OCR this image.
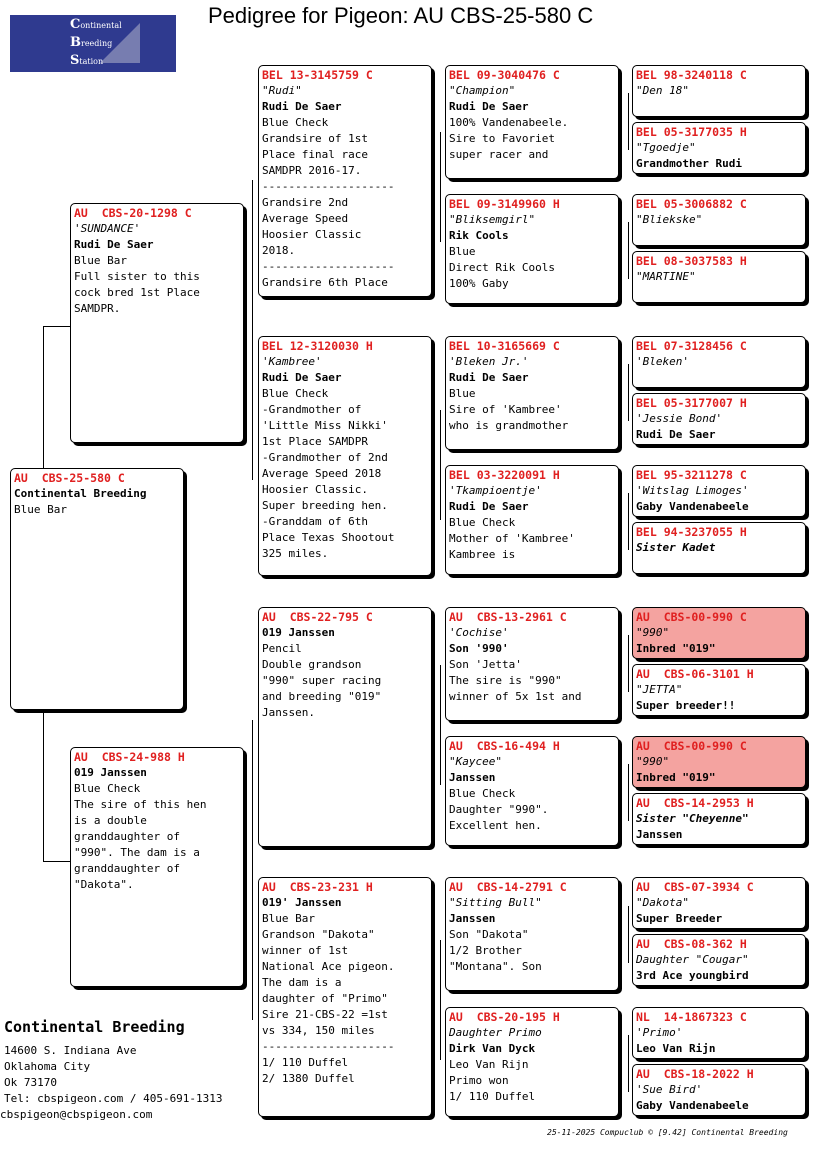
Pedigree for Pigeon: AU CBS-25-580 C
Continental
Breeding
Station
AU  CBS-25-580 C
Continental Breeding
Blue Bar
AU  CBS-20-1298 C
'SUNDANCE'
Rudi De Saer
Blue Bar
Full sister to this
cock bred 1st Place
SAMDPR.
AU  CBS-24-988 H
019 Janssen
Blue Check
The sire of this hen
is a double
granddaughter of
"990". The dam is a
granddaughter of
"Dakota".
BEL 13-3145759 C
"Rudi"
Rudi De Saer
Blue Check
Grandsire of 1st
Place final race
SAMDPR 2016-17.
--------------------
Grandsire 2nd
Average Speed
Hoosier Classic
2018.
--------------------
Grandsire 6th Place
BEL 12-3120030 H
'Kambree'
Rudi De Saer
Blue Check
-Grandmother of
'Little Miss Nikki'
1st Place SAMDPR
-Grandmother of 2nd
Average Speed 2018
Hoosier Classic.
Super breeding hen.
-Granddam of 6th
Place Texas Shootout
325 miles.
AU  CBS-22-795 C
019 Janssen
Pencil
Double grandson
"990" super racing
and breeding "019"
Janssen.
AU  CBS-23-231 H
019' Janssen
Blue Bar
Grandson "Dakota"
winner of 1st
National Ace pigeon.
The dam is a
daughter of "Primo"
Sire 21-CBS-22 =1st
vs 334, 150 miles
--------------------
1/ 110 Duffel
2/ 1380 Duffel
BEL 09-3040476 C
"Champion"
Rudi De Saer
100% Vandenabeele.
Sire to Favoriet
super racer and
BEL 09-3149960 H
"Bliksemgirl"
Rik Cools
Blue
Direct Rik Cools
100% Gaby
BEL 10-3165669 C
'Bleken Jr.'
Rudi De Saer
Blue
Sire of 'Kambree'
who is grandmother
BEL 03-3220091 H
'Tkampioentje'
Rudi De Saer
Blue Check
Mother of 'Kambree'
Kambree is
AU  CBS-13-2961 C
'Cochise'
Son '990'
Son 'Jetta'
The sire is "990"
winner of 5x 1st and
AU  CBS-16-494 H
"Kaycee"
Janssen
Blue Check
Daughter "990".
Excellent hen.
AU  CBS-14-2791 C
"Sitting Bull"
Janssen
Son "Dakota"
1/2 Brother
"Montana". Son
AU  CBS-20-195 H
Daughter Primo
Dirk Van Dyck
Leo Van Rijn
Primo won
1/ 110 Duffel
BEL 98-3240118 C
"Den 18"
BEL 05-3177035 H
"Tgoedje"
Grandmother Rudi
BEL 05-3006882 C
"Bliekske"
BEL 08-3037583 H
"MARTINE"
BEL 07-3128456 C
'Bleken'
BEL 05-3177007 H
'Jessie Bond'
Rudi De Saer
BEL 95-3211278 C
'Witslag Limoges'
Gaby Vandenabeele
BEL 94-3237055 H
Sister Kadet
AU  CBS-00-990 C
"990"
Inbred "019"
AU  CBS-06-3101 H
"JETTA"
Super breeder!!
AU  CBS-00-990 C
"990"
Inbred "019"
AU  CBS-14-2953 H
Sister "Cheyenne"
Janssen
AU  CBS-07-3934 C
"Dakota"
Super Breeder
AU  CBS-08-362 H
Daughter "Cougar"
3rd Ace youngbird
NL  14-1867323 C
'Primo'
Leo Van Rijn
AU  CBS-18-2022 H
'Sue Bird'
Gaby Vandenabeele
Continental Breeding
14600 S. Indiana Ave
Oklahoma City
Ok 73170
Tel: cbspigeon.com / 405-691-1313
cbspigeon@cbspigeon.com
25-11-2025 Compuclub © [9.42] Continental Breeding
